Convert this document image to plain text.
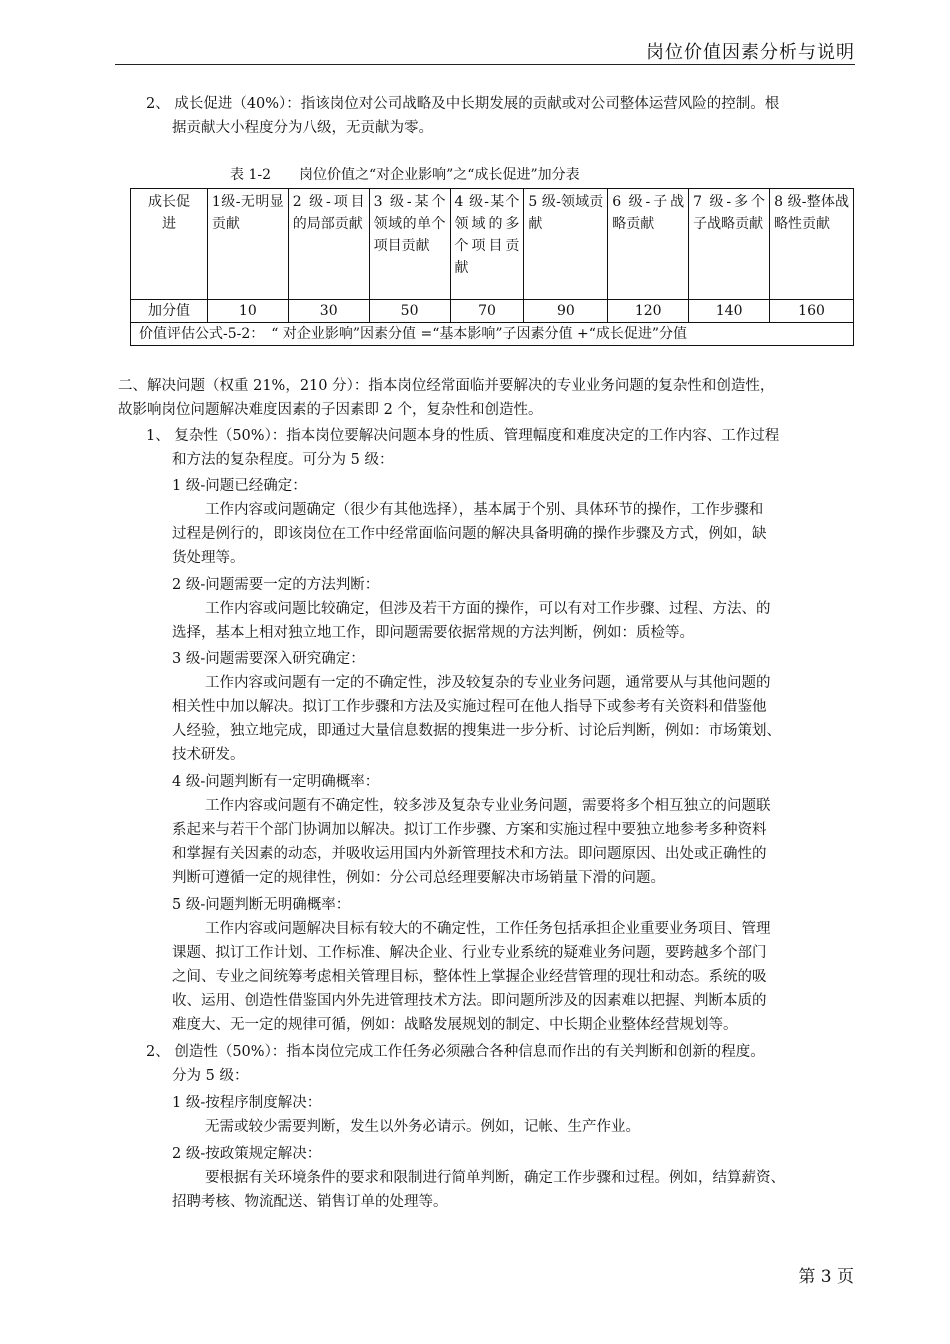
岗位价值因素分析与说明
2、 成长促进（40%）：指该岗位对公司战略及中长期发展的贡献或对公司整体运营风险的控制。根
据贡献大小程度分为八级，无贡献为零。
表 1-2　　岗位价值之“对企业影响”之“成长促进”加分表
成长促进	1级-无明显贡献	2 级-项目的局部贡献	3 级-某个领域的单个项目贡献	4 级-某个领域的多个项目贡献	5 级-领域贡献	6 级-子战略贡献	7 级-多个子战略贡献	8 级-整体战略性贡献
加分值	10	30	50	70	90	120	140	160
价值评估公式-5-2：　“ 对企业影响”因素分值 =“基本影响”子因素分值 +“成长促进”分值								
二、解决问题（权重 21%，210 分）：指本岗位经常面临并要解决的专业业务问题的复杂性和创造性，
故影响岗位问题解决难度因素的子因素即 2 个，复杂性和创造性。
1、 复杂性（50%）：指本岗位要解决问题本身的性质、管理幅度和难度决定的工作内容、工作过程
和方法的复杂程度。可分为 5 级：
1 级-问题已经确定：
工作内容或问题确定（很少有其他选择），基本属于个别、具体环节的操作，工作步骤和
过程是例行的，即该岗位在工作中经常面临问题的解决具备明确的操作步骤及方式，例如，缺
货处理等。
2 级-问题需要一定的方法判断：
工作内容或问题比较确定，但涉及若干方面的操作，可以有对工作步骤、过程、方法、的
选择，基本上相对独立地工作，即问题需要依据常规的方法判断，例如：质检等。
3 级-问题需要深入研究确定：
工作内容或问题有一定的不确定性，涉及较复杂的专业业务问题，通常要从与其他问题的
相关性中加以解决。拟订工作步骤和方法及实施过程可在他人指导下或参考有关资料和借鉴他
人经验，独立地完成，即通过大量信息数据的搜集进一步分析、讨论后判断，例如：市场策划、
技术研发。
4 级-问题判断有一定明确概率：
工作内容或问题有不确定性，较多涉及复杂专业业务问题，需要将多个相互独立的问题联
系起来与若干个部门协调加以解决。拟订工作步骤、方案和实施过程中要独立地参考多种资料
和掌握有关因素的动态，并吸收运用国内外新管理技术和方法。即问题原因、出处或正确性的
判断可遵循一定的规律性，例如：分公司总经理要解决市场销量下滑的问题。
5 级-问题判断无明确概率：
工作内容或问题解决目标有较大的不确定性，工作任务包括承担企业重要业务项目、管理
课题、拟订工作计划、工作标准、解决企业、行业专业系统的疑难业务问题，要跨越多个部门
之间、专业之间统筹考虑相关管理目标，整体性上掌握企业经营管理的现壮和动态。系统的吸
收、运用、创造性借鉴国内外先进管理技术方法。即问题所涉及的因素难以把握、判断本质的
难度大、无一定的规律可循，例如：战略发展规划的制定、中长期企业整体经营规划等。
2、 创造性（50%）：指本岗位完成工作任务必须融合各种信息而作出的有关判断和创新的程度。
分为 5 级：
1 级-按程序制度解决：
无需或较少需要判断，发生以外务必请示。例如，记帐、生产作业。
2 级-按政策规定解决：
要根据有关环境条件的要求和限制进行简单判断，确定工作步骤和过程。例如，结算薪资、
招聘考核、物流配送、销售订单的处理等。
第 3 页
